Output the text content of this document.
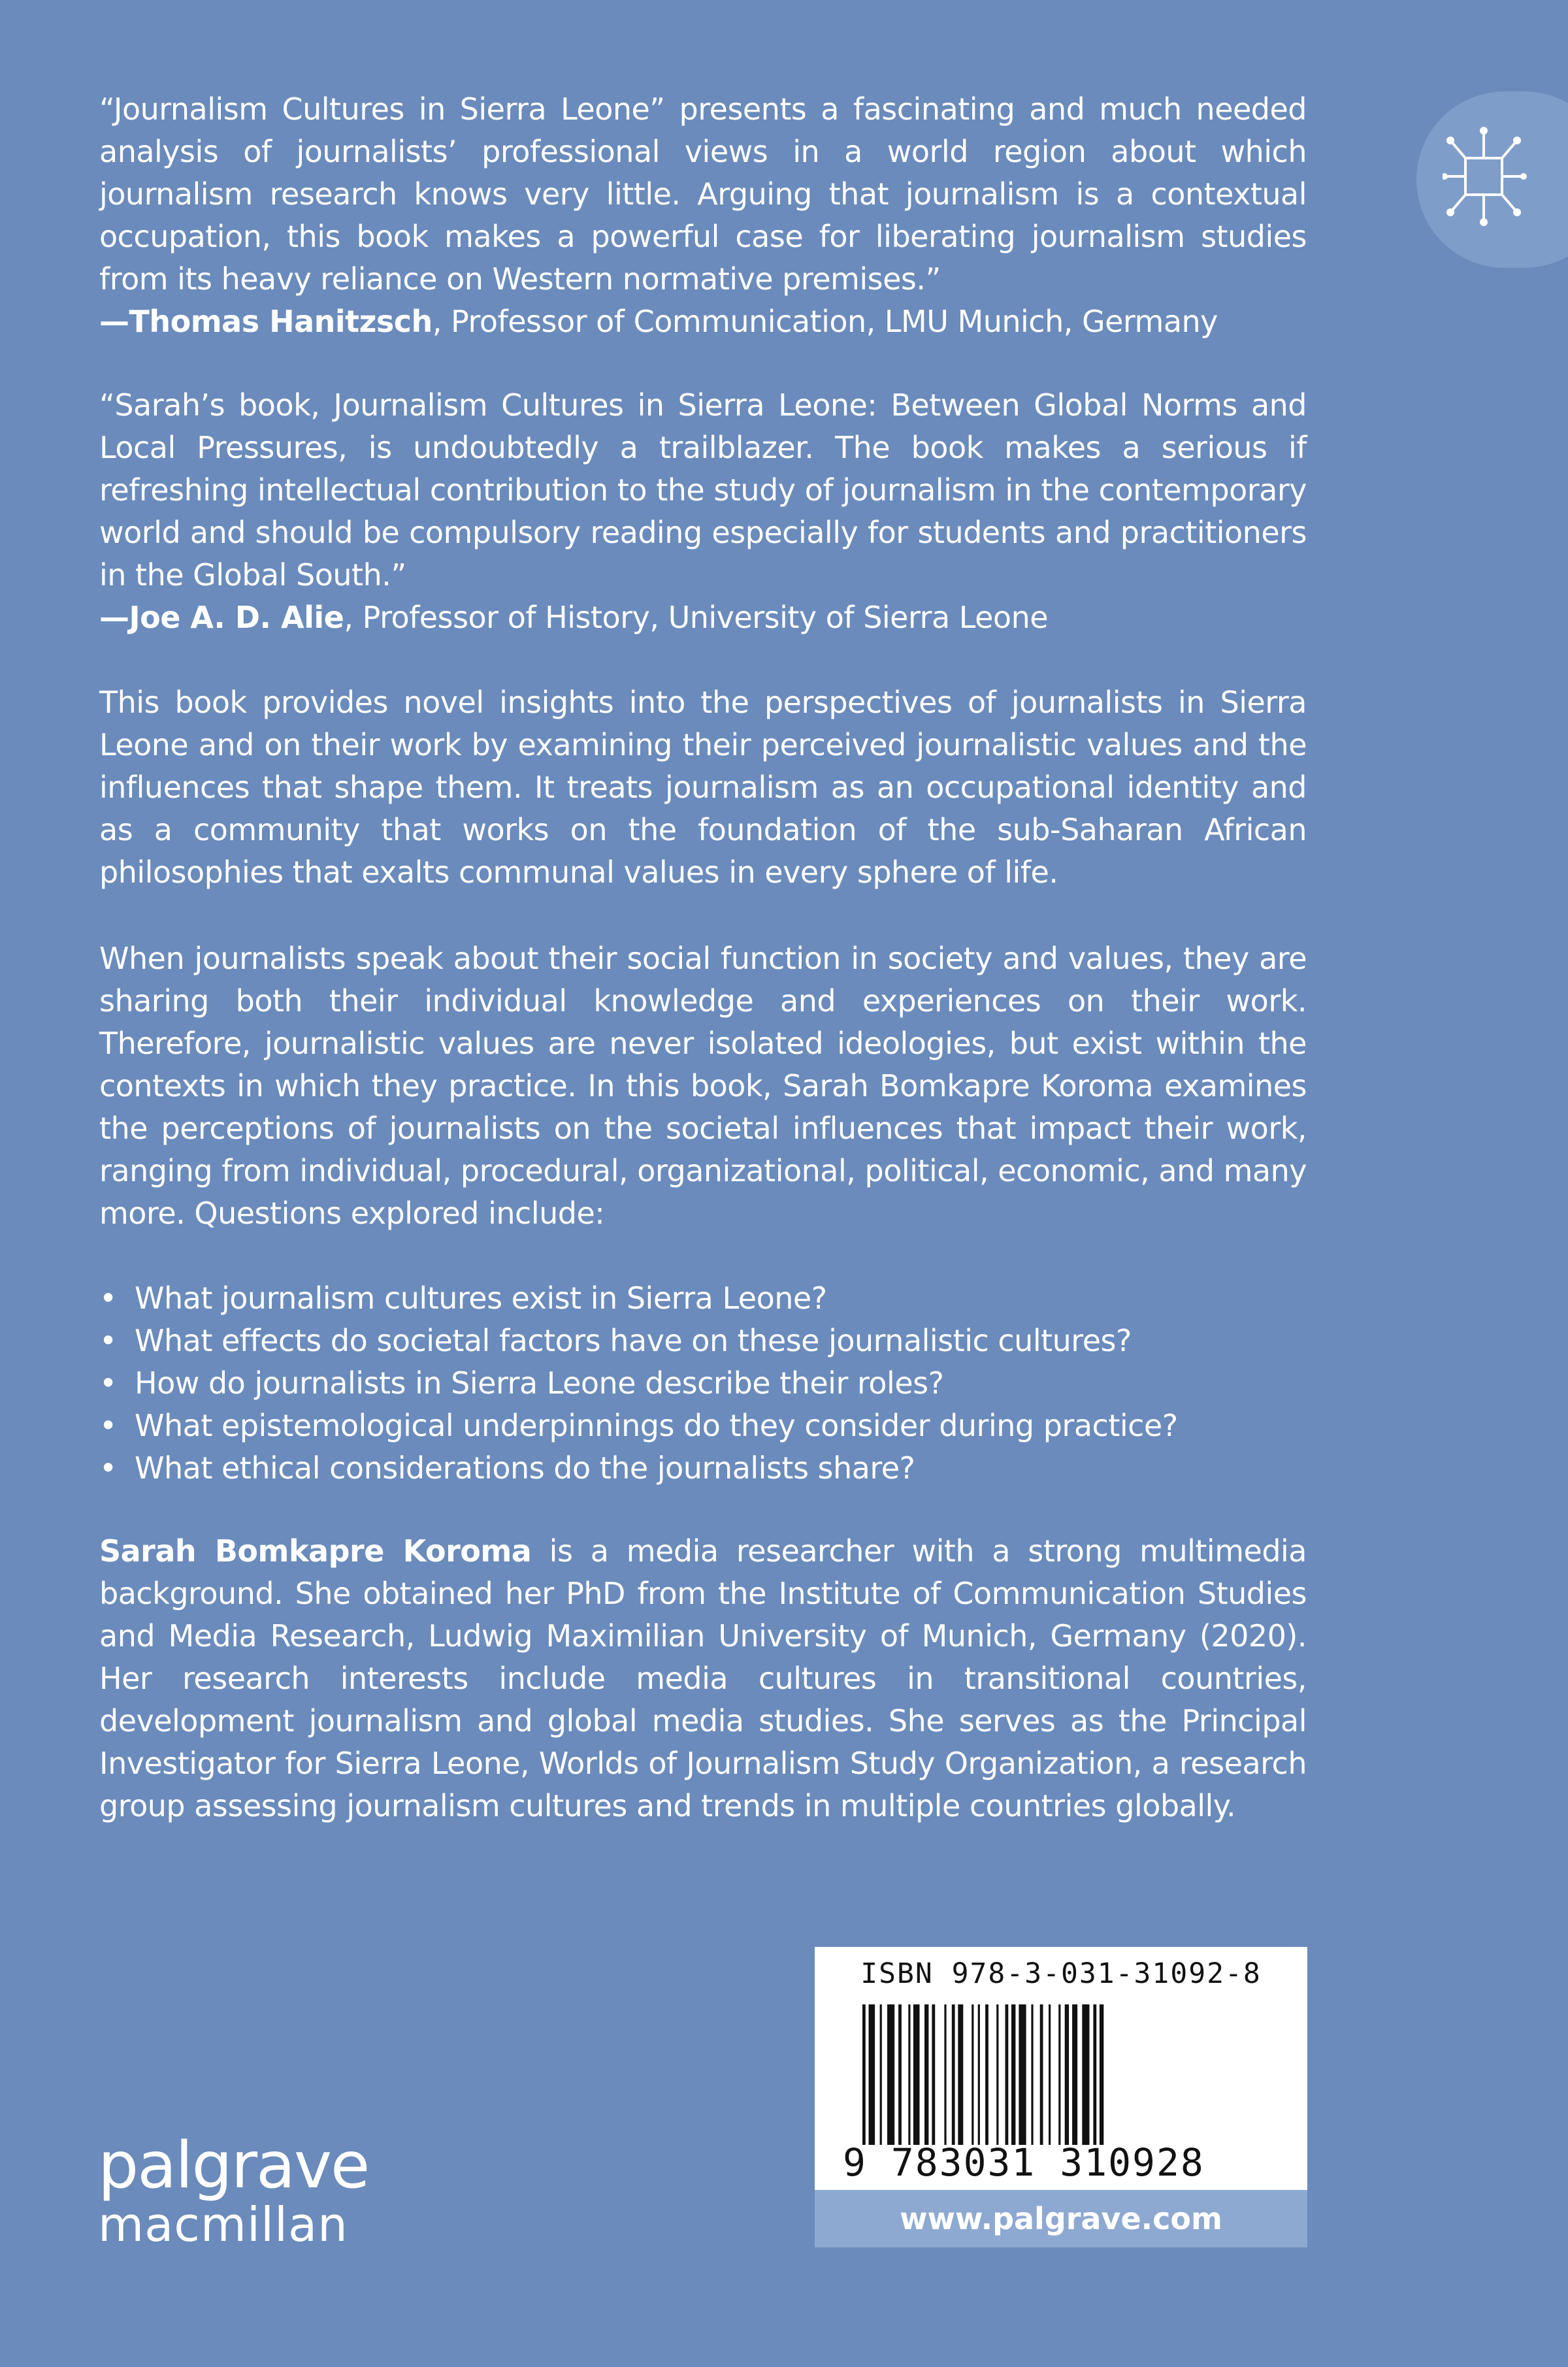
“Journalism Cultures in Sierra Leone” presents a fascinating and much needed analysis of journalists’ professional views in a world region about which journalism research knows very little. Arguing that journalism is a contextual occupation, this book makes a powerful case for liberating journalism studies from its heavy reliance on Western normative premises.”

—Thomas Hanitzsch, Professor of Communication, LMU Munich, Germany

“Sarah’s book, Journalism Cultures in Sierra Leone: Between Global Norms and Local Pressures, is undoubtedly a trailblazer. The book makes a serious if refreshing intellectual contribution to the study of journalism in the contemporary world and should be compulsory reading especially for students and practitioners in the Global South.”

—Joe A. D. Alie, Professor of History, University of Sierra Leone

This book provides novel insights into the perspectives of journalists in Sierra Leone and on their work by examining their perceived journalistic values and the influences that shape them. It treats journalism as an occupational identity and as a community that works on the foundation of the sub-Saharan African philosophies that exalts communal values in every sphere of life.

When journalists speak about their social function in society and values, they are sharing both their individual knowledge and experiences on their work. Therefore, journalistic values are never isolated ideologies, but exist within the contexts in which they practice. In this book, Sarah Bomkapre Koroma examines the perceptions of journalists on the societal influences that impact their work, ranging from individual, procedural, organizational, political, economic, and many more. Questions explored include:

• What journalism cultures exist in Sierra Leone?
• What effects do societal factors have on these journalistic cultures?
• How do journalists in Sierra Leone describe their roles?
• What epistemological underpinnings do they consider during practice?
• What ethical considerations do the journalists share?

Sarah Bomkapre Koroma is a media researcher with a strong multimedia background. She obtained her PhD from the Institute of Communication Studies and Media Research, Ludwig Maximilian University of Munich, Germany (2020). Her research interests include media cultures in transitional countries, development journalism and global media studies. She serves as the Principal Investigator for Sierra Leone, Worlds of Journalism Study Organization, a research group assessing journalism cultures and trends in multiple countries globally.

ISBN 978-3-031-31092-8
9 783031 310928
www.palgrave.com
palgrave
macmillan
